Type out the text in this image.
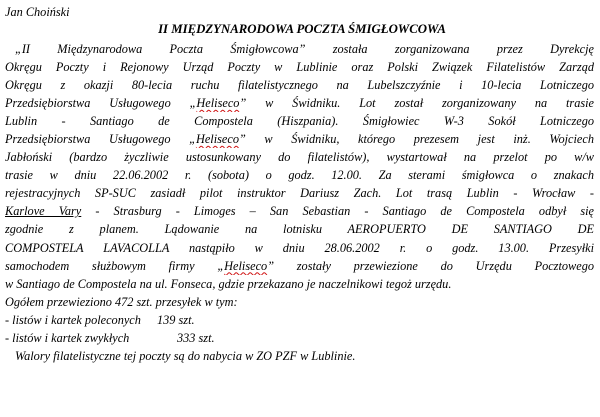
Jan Choiński
II MIĘDZYNARODOWA POCZTA ŚMIGŁOWCOWA
„II Międzynarodowa Poczta Śmigłowcowa” została zorganizowana przez Dyrekcję
Okręgu Poczty i Rejonowy Urząd Poczty w Lublinie oraz Polski Związek Filatelistów Zarząd
Okręgu z okazji 80-lecia ruchu filatelistycznego na Lubelszczyźnie i 10-lecia Lotniczego
Przedsiębiorstwa Usługowego „Heliseco” w Świdniku. Lot został zorganizowany na trasie
Lublin - Santiago de Compostela (Hiszpania). Śmigłowiec W-3 Sokół Lotniczego
Przedsiębiorstwa Usługowego „Heliseco” w Świdniku, którego prezesem jest inż. Wojciech
Jabłoński (bardzo życzliwie ustosunkowany do filatelistów), wystartował na przelot po w/w
trasie w dniu 22.06.2002 r. (sobota) o godz. 12.00. Za sterami śmigłowca o znakach
rejestracyjnych SP-SUC zasiadł pilot instruktor Dariusz Zach. Lot trasą Lublin - Wrocław -
Karlove Vary - Strasburg - Limoges – San Sebastian - Santiago de Compostela odbył się
zgodnie z planem. Lądowanie na lotnisku AEROPUERTO DE SANTIAGO DE
COMPOSTELA LAVACOLLA nastąpiło w dniu 28.06.2002 r. o godz. 13.00. Przesyłki
samochodem służbowym firmy „Heliseco” zostały przewiezione do Urzędu Pocztowego
w Santiago de Compostela na ul. Fonseca, gdzie przekazano je naczelnikowi tegoż urzędu.
Ogółem przewieziono 472 szt. przesyłek w tym:
- listów i kartek poleconych 139 szt.
- listów i kartek zwykłych	333 szt.
Walory filatelistyczne tej poczty są do nabycia w ZO PZF w Lublinie.
